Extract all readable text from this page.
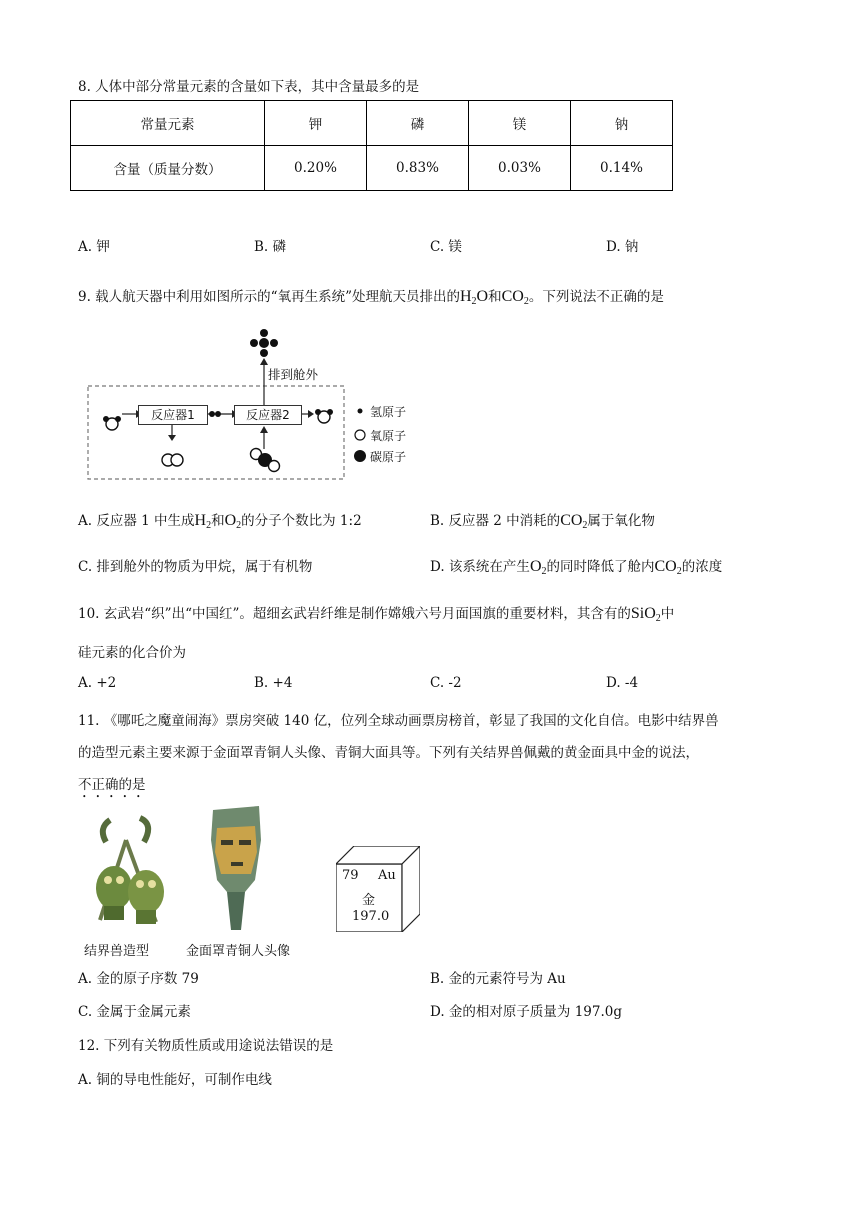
8. 人体中部分常量元素的含量如下表，其中含量最多的是
常量元素	钾	磷	镁	钠
含量（质量分数）	0.20%	0.83%	0.03%	0.14%
A. 钾	B. 磷	C. 镁	D. 钠
9. 载人航天器中利用如图所示的“氧再生系统”处理航天员排出的$H_2O$和$CO_2$。下列说法不正确的是
反应器1	反应器2
排到舱外
氢原子
氧原子
碳原子
A. 反应器 1 中生成$H_2$和$O_2$的分子个数比为 1:2	B. 反应器 2 中消耗的$CO_2$属于氧化物
C. 排到舱外的物质为甲烷，属于有机物	D. 该系统在产生$O_2$的同时降低了舱内$CO_2$的浓度
10. 玄武岩“织”出“中国红”。超细玄武岩纤维是制作嫦娥六号月面国旗的重要材料，其含有的SiO$_2$中
硅元素的化合价为
A. +2	B. +4	C. -2	D. -4
11. 《哪吒之魔童闹海》票房突破 140 亿，位列全球动画票房榜首，彰显了我国的文化自信。电影中结界兽
的造型元素主要来源于金面罩青铜人头像、青铜大面具等。下列有关结界兽佩戴的黄金面具中金的说法，
不正确的是
结界兽造型	金面罩青铜人头像
79 Au
金
197.0
A. 金的原子序数 79	B. 金的元素符号为 Au
C. 金属于金属元素	D. 金的相对原子质量为 197.0g
12. 下列有关物质性质或用途说法错误的是
A. 铜的导电性能好，可制作电线
